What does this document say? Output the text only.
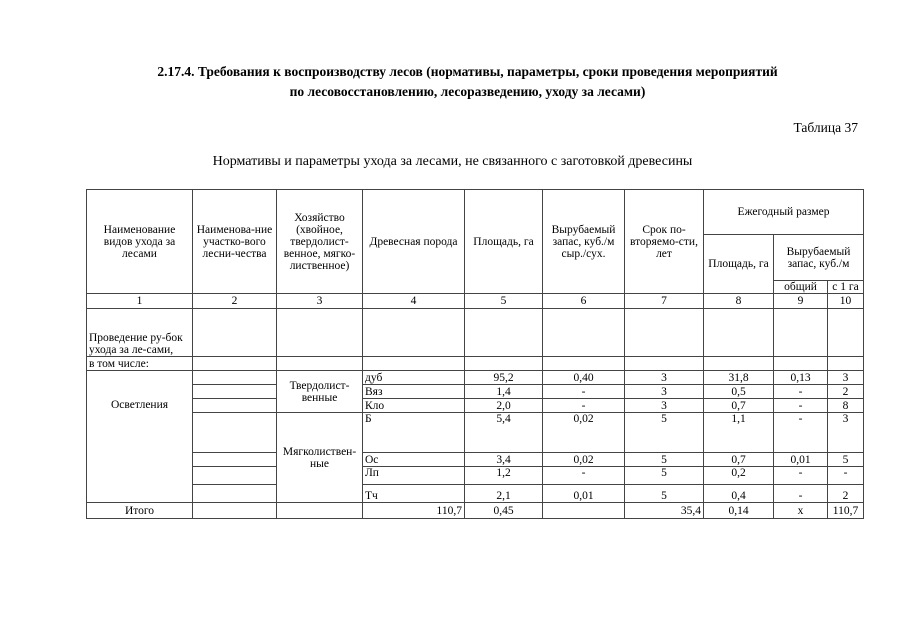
2.17.4. Требования к воспроизводству лесов (нормативы, параметры, сроки проведения мероприятий
по лесовосстановлению, лесоразведению, уходу за лесами)
Таблица 37
Нормативы и параметры ухода за лесами, не связанного с заготовкой древесины
Наименование видов ухода за лесами	Наименова-ние участко-вого лесни-чества	Хозяйство (хвойное, твердолист-венное, мягко-лиственное)	Древесная порода	Площадь, га	Вырубаемый запас, куб./м сыр./сух.	Срок по-вторяемо-сти, лет	Ежегодный размер		
							Площадь, га	Вырубаемый запас, куб./м	
								общий	с 1 га
1	2	3	4	5	6	7	8	9	10
Проведение ру-бок ухода за ле-сами,									
в том числе:									
Осветления		Твердолист-венные	дуб	95,2	0,40	3	31,8	0,13	3
			Вяз	1,4	-	3	0,5	-	2
			Кло	2,0	-	3	0,7	-	8
		Мягколиствен-ные	Б	5,4	0,02	5	1,1	-	3
			Ос	3,4	0,02	5	0,7	0,01	5
			Лп	1,2	-	5	0,2	-	-
			Тч	2,1	0,01	5	0,4	-	2
Итого			110,7	0,45		35,4	0,14	х	110,7
